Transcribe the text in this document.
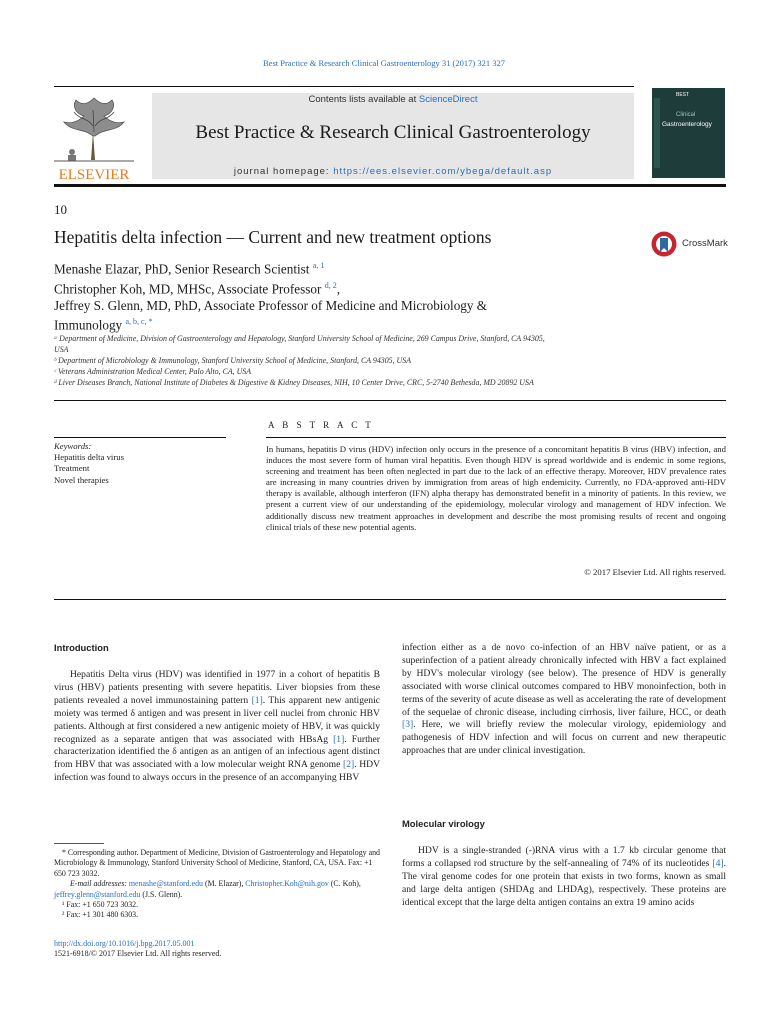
Best Practice & Research Clinical Gastroenterology 31 (2017) 321 327
ELSEVIER
Contents lists available at ScienceDirect
Best Practice & Research Clinical Gastroenterology
journal homepage: https://ees.elsevier.com/ybega/default.asp
BEST
Clinical
Gastroenterology
10
Hepatitis delta infection — Current and new treatment options	CrossMark
Menashe Elazar, PhD, Senior Research Scientist $^{a, 1}$
Christopher Koh, MD, MHSc, Associate Professor $^{d, 2}$,
Jeffrey S. Glenn, MD, PhD, Associate Professor of Medicine and Microbiology &
Immunology $^{a, b, c, *}$
ᵃ Department of Medicine, Division of Gastroenterology and Hepatology, Stanford University School of Medicine, 269 Campus Drive, Stanford, CA 94305,
USA
ᵇ Department of Microbiology & Immunology, Stanford University School of Medicine, Stanford, CA 94305, USA
ᶜ Veterans Administration Medical Center, Palo Alto, CA, USA
ᵈ Liver Diseases Branch, National Institute of Diabetes & Digestive & Kidney Diseases, NIH, 10 Center Drive, CRC, 5-2740 Bethesda, MD 20892 USA
A B S T R A C T
Keywords:
Hepatitis delta virus
Treatment
Novel therapies
In humans, hepatitis D virus (HDV) infection only occurs in the presence of a concomitant hepatitis B virus (HBV) infection, and induces the most severe form of human viral hepatitis. Even though HDV is spread worldwide and is endemic in some regions, screening and treatment has been often neglected in part due to the lack of an effective therapy. Moreover, HDV prevalence rates are increasing in many countries driven by immigration from areas of high endemicity. Currently, no FDA-approved anti-HDV therapy is available, although interferon (IFN) alpha therapy has demonstrated benefit in a minority of patients. In this review, we present a current view of our understanding of the epidemiology, molecular virology and management of HDV infection. We additionally discuss new treatment approaches in development and describe the most promising results of recent and ongoing clinical trials of these new potential agents.
© 2017 Elsevier Ltd. All rights reserved.
Introduction

Hepatitis Delta virus (HDV) was identified in 1977 in a cohort of hepatitis B virus (HBV) patients presenting with severe hepatitis. Liver biopsies from these patients revealed a novel immunostaining pattern [1]. This apparent new antigenic moiety was termed δ antigen and was present in liver cell nuclei from chronic HBV patients. Although at first considered a new antigenic moiety of HBV, it was quickly recognized as a separate antigen that was associated with HBsAg [1]. Further characterization identified the δ antigen as an antigen of an infectious agent distinct from HBV that was associated with a low molecular weight RNA genome [2]. HDV infection was found to always occurs in the presence of an accompanying HBV

* Corresponding author. Department of Medicine, Division of Gastroenterology and Hepatology and Microbiology & Immunology, Stanford University School of Medicine, Stanford, CA, USA. Fax: +1 650 723 3032.
E-mail addresses: menashe@stanford.edu (M. Elazar), Christopher.Koh@nih.gov (C. Koh), jeffrey.glenn@stanford.edu (J.S. Glenn).
¹ Fax: +1 650 723 3032.
² Fax: +1 301 480 6303.
http://dx.doi.org/10.1016/j.bpg.2017.05.001
1521-6918/© 2017 Elsevier Ltd. All rights reserved.

infection either as a de novo co-infection of an HBV naïve patient, or as a superinfection of a patient already chronically infected with HBV a fact explained by HDV's molecular virology (see below). The presence of HDV is generally associated with worse clinical outcomes compared to HBV monoinfection, both in terms of the severity of acute disease as well as accelerating the rate of development of the sequelae of chronic disease, including cirrhosis, liver failure, HCC, or death [3]. Here, we will briefly review the molecular virology, epidemiology and pathogenesis of HDV infection and will focus on current and new therapeutic approaches that are under clinical investigation.

Molecular virology

HDV is a single-stranded (-)RNA virus with a 1.7 kb circular genome that forms a collapsed rod structure by the self-annealing of 74% of its nucleotides [4]. The viral genome codes for one protein that exists in two forms, known as small and large delta antigen (SHDAg and LHDAg), respectively. These proteins are identical except that the large delta antigen contains an extra 19 amino acids
